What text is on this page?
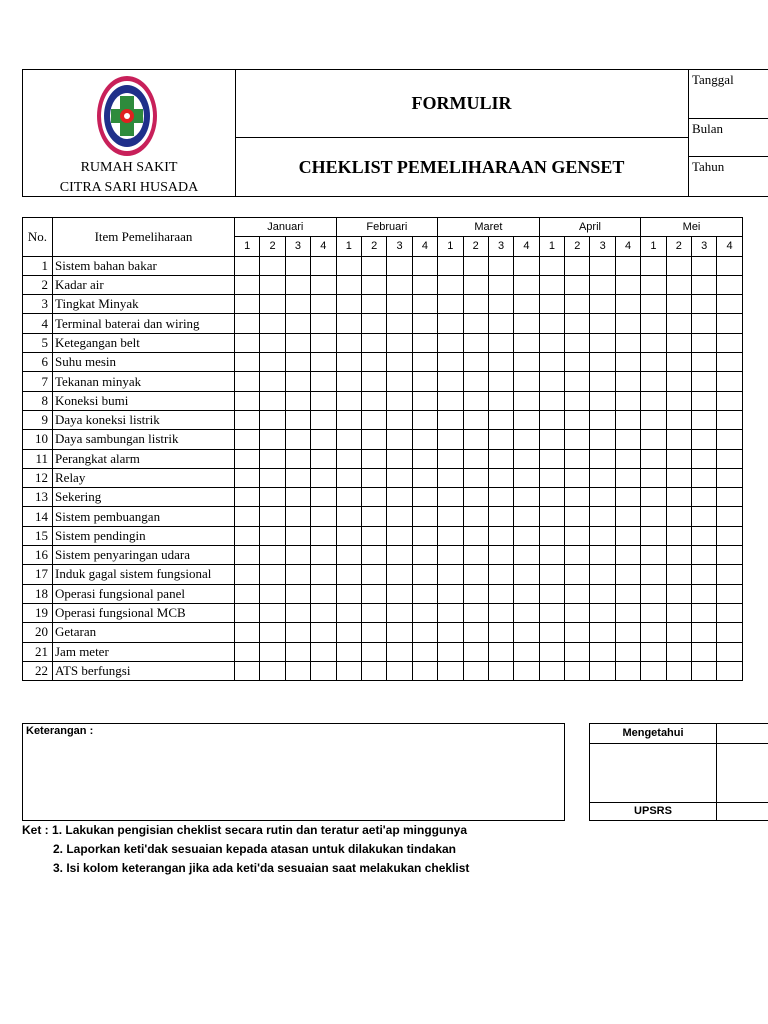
RUMAH SAKIT
CITRA SARI HUSADA
FORMULIR
CHEKLIST PEMELIHARAAN GENSET
Tanggal
Bulan
Tahun
No.	Item Pemeliharaan	Januari				Februari				Maret				April				Mei			
		1	2	3	4	1	2	3	4	1	2	3	4	1	2	3	4	1	2	3	4
1	Sistem bahan bakar																				
2	Kadar air																				
3	Tingkat Minyak																				
4	Terminal baterai dan wiring																				
5	Ketegangan belt																				
6	Suhu mesin																				
7	Tekanan minyak																				
8	Koneksi bumi																				
9	Daya koneksi listrik																				
10	Daya sambungan listrik																				
11	Perangkat alarm																				
12	Relay																				
13	Sekering																				
14	Sistem pembuangan																				
15	Sistem pendingin																				
16	Sistem penyaringan udara																				
17	Induk gagal sistem fungsional																				
18	Operasi fungsional panel																				
19	Operasi fungsional MCB																				
20	Getaran																				
21	Jam meter																				
22	ATS berfungsi																				
Keterangan :	Mengetahui
UPSRS
Ket : 1. Lakukan pengisian cheklist secara rutin dan teratur aeti'ap minggunya
2. Laporkan keti'dak sesuaian kepada atasan untuk dilakukan tindakan
3. Isi kolom keterangan jika ada keti'da sesuaian saat melakukan cheklist
